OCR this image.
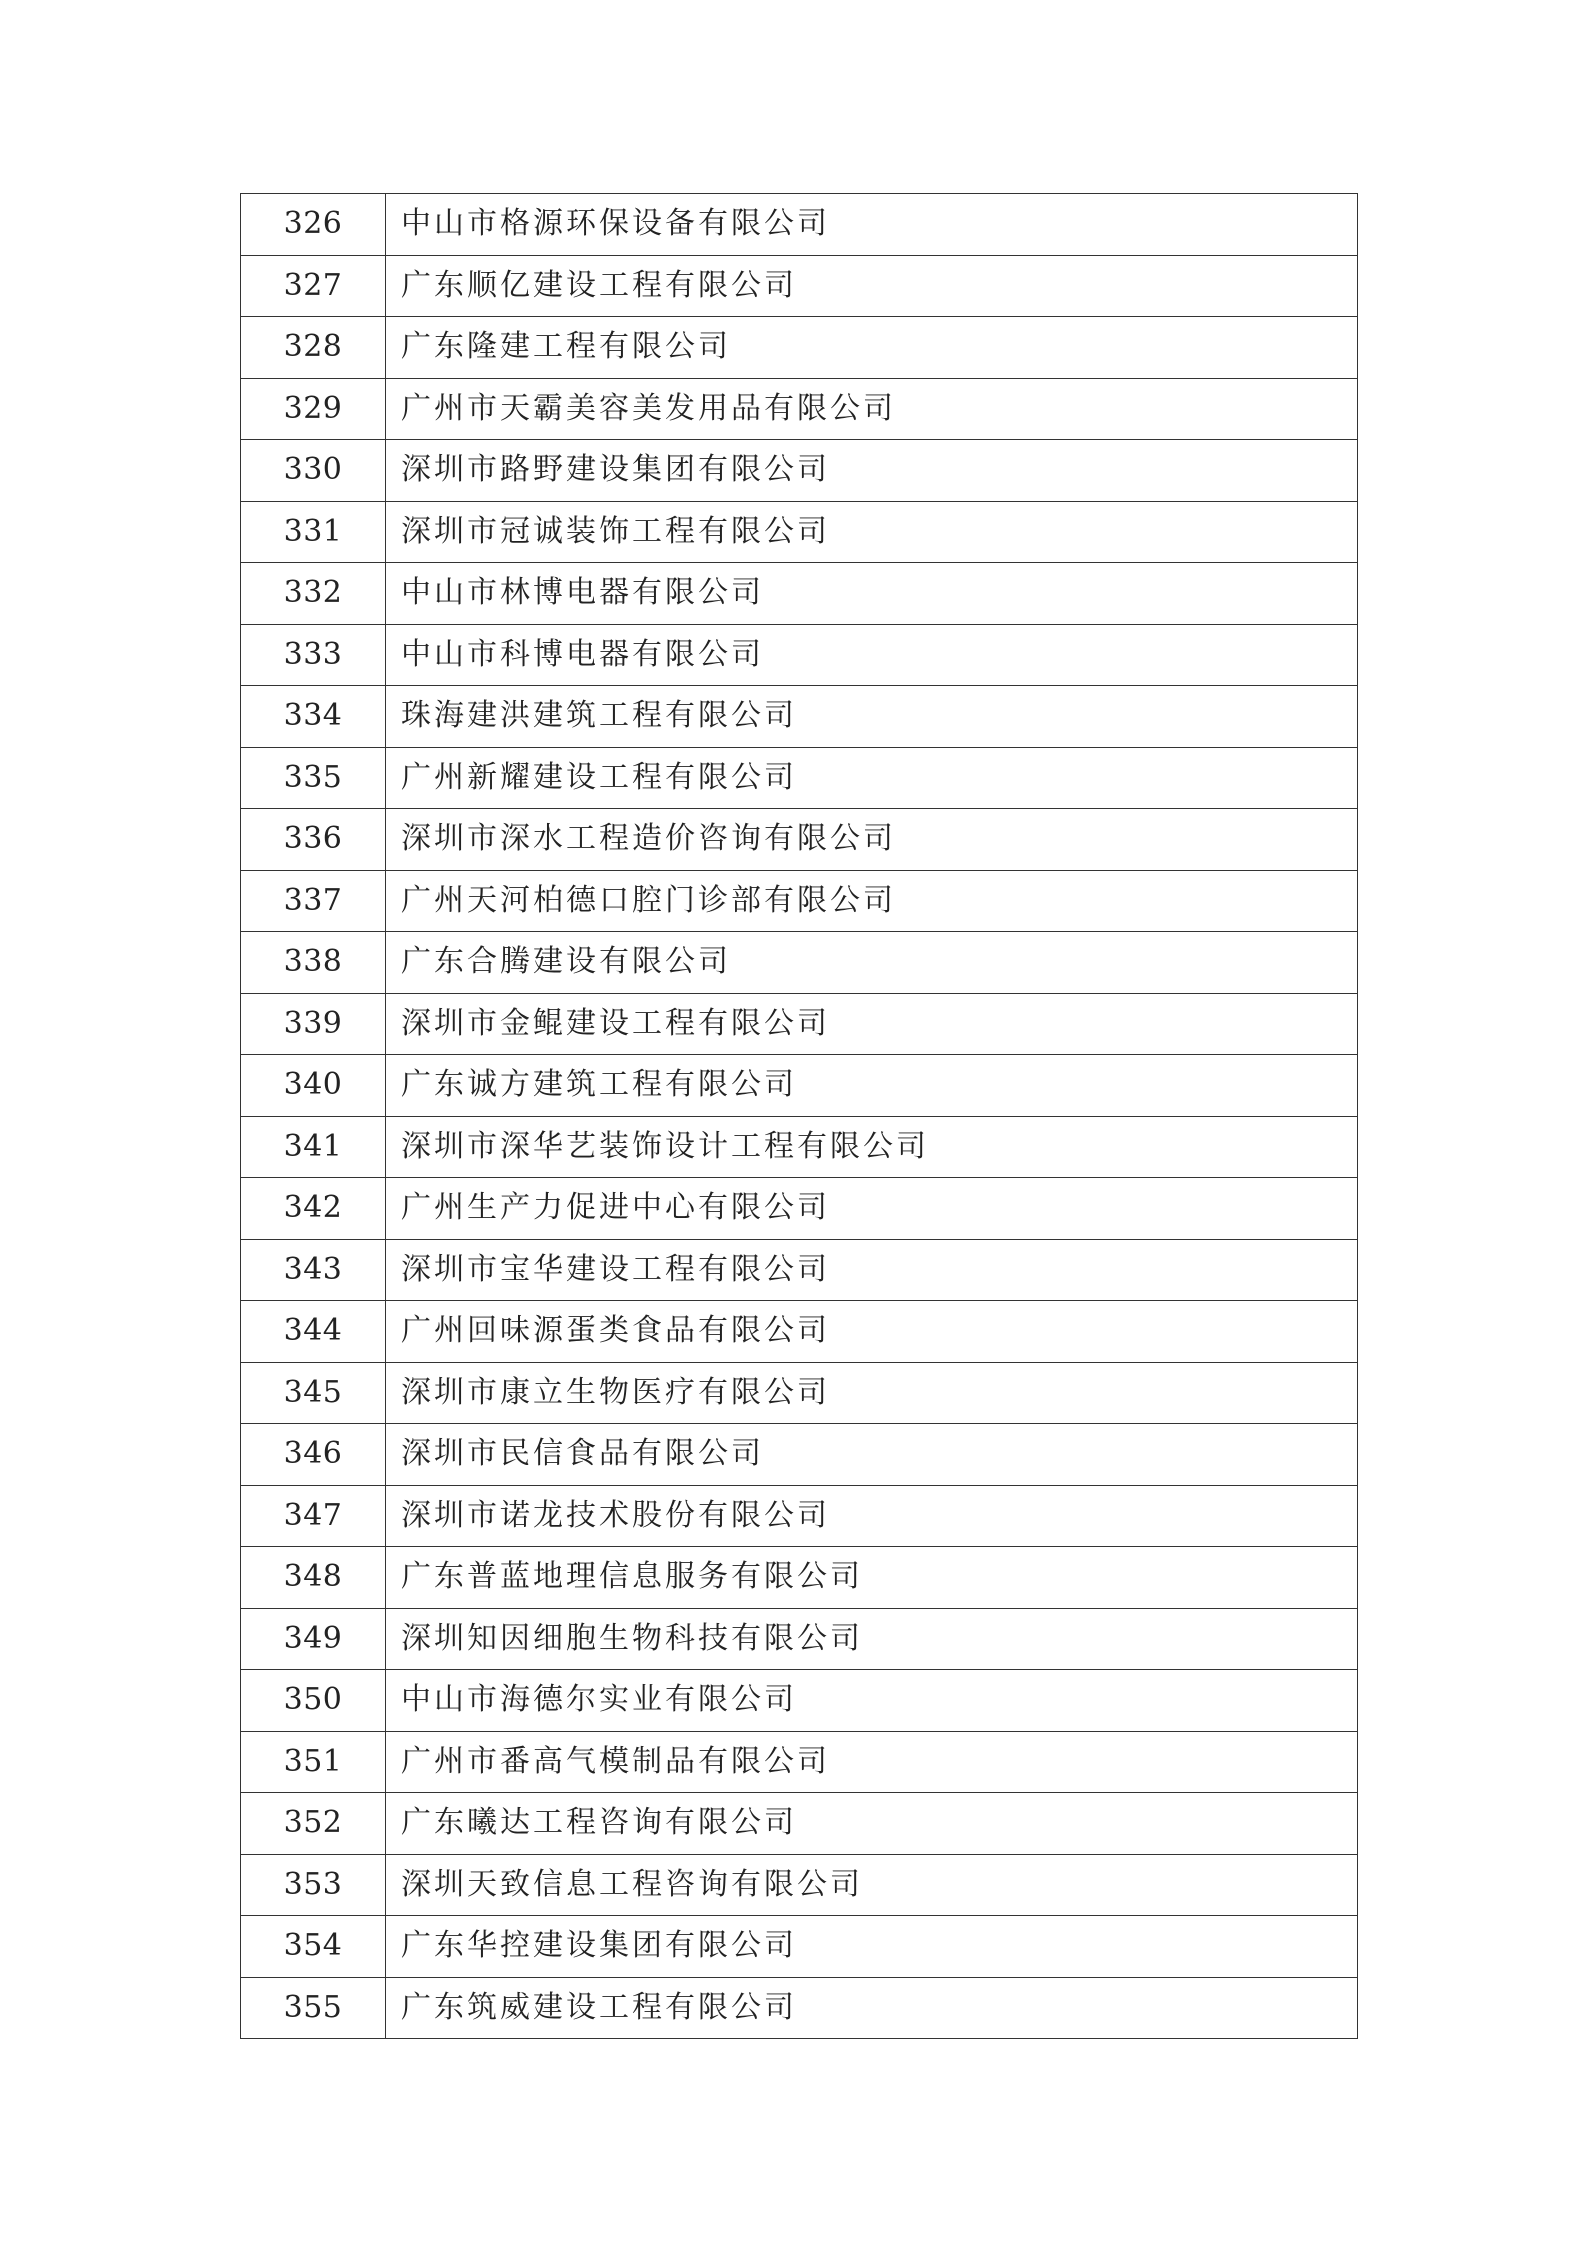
326	中山市格源环保设备有限公司
327	广东顺亿建设工程有限公司
328	广东隆建工程有限公司
329	广州市天霸美容美发用品有限公司
330	深圳市路野建设集团有限公司
331	深圳市冠诚装饰工程有限公司
332	中山市林博电器有限公司
333	中山市科博电器有限公司
334	珠海建洪建筑工程有限公司
335	广州新耀建设工程有限公司
336	深圳市深水工程造价咨询有限公司
337	广州天河柏德口腔门诊部有限公司
338	广东合腾建设有限公司
339	深圳市金鲲建设工程有限公司
340	广东诚方建筑工程有限公司
341	深圳市深华艺装饰设计工程有限公司
342	广州生产力促进中心有限公司
343	深圳市宝华建设工程有限公司
344	广州回味源蛋类食品有限公司
345	深圳市康立生物医疗有限公司
346	深圳市民信食品有限公司
347	深圳市诺龙技术股份有限公司
348	广东普蓝地理信息服务有限公司
349	深圳知因细胞生物科技有限公司
350	中山市海德尔实业有限公司
351	广州市番高气模制品有限公司
352	广东曦达工程咨询有限公司
353	深圳天致信息工程咨询有限公司
354	广东华控建设集团有限公司
355	广东筑威建设工程有限公司
